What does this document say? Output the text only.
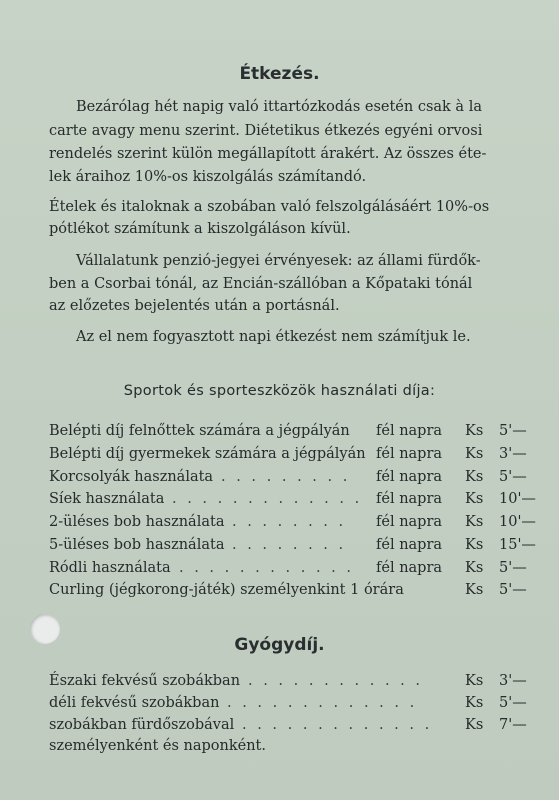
Étkezés.
Bezárólag hét napig való ittartózkodás esetén csak à la
carte avagy menu szerint. Diétetikus étkezés egyéni orvosi
rendelés szerint külön megállapított árakért. Az összes éte-
lek áraihoz 10%-os kiszolgálás számítandó.
Ételek és italoknak a szobában való felszolgálásáért 10%-os
pótlékot számítunk a kiszolgáláson kívül.
Vállalatunk penzió-jegyei érvényesek: az állami fürdők-
ben a Csorbai tónál, az Encián-szállóban a Kőpataki tónál
az előzetes bejelentés után a portásnál.
Az el nem fogyasztott napi étkezést nem számítjuk le.
Sportok és sporteszközök használati díja:
Belépti díj felnőttek számára a jégpályán fél napra Ks 5'—
Belépti díj gyermekek számára a jégpályán fél napra Ks 3'—
Korcsolyák használata . . . . . . . . .	fél napra Ks 5'—
Síek használata . . . . . . . . . . . . . fél napra Ks 10'—
2-üléses bob használata . . . . . . . .	fél napra Ks 10'—
5-üléses bob használata . . . . . . . .	fél napra Ks 15'—
Ródli használata . . . . . . . . . . . .	fél napra Ks 5'—
Curling (jégkorong-játék) személyenkint 1 órára	Ks 5'—
Gyógydíj.
Északi fekvésű szobákban . . . . . . . . . . . .	Ks 3'—
déli fekvésű szobákban . . . . . . . . . . . . .	Ks 5'—
szobákban fürdőszobával . . . . . . . . . . . . .	Ks 7'—
személyenként és naponként.
